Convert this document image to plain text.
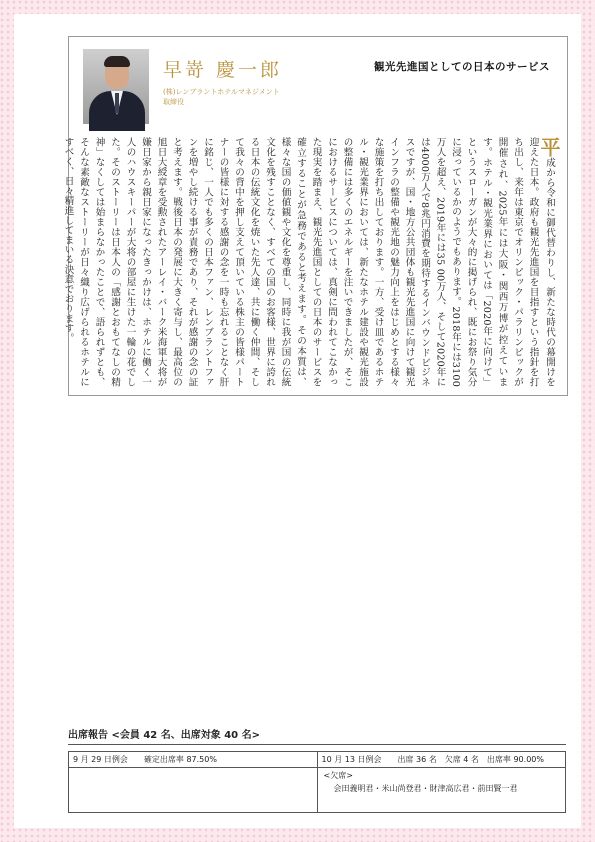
早嵜 慶一郎
(株)レンブラントホテルマネジメント
取締役
観光先進国としての日本のサービス
平成から令和に御代替わりし、新たな時代の幕開けを迎えた日本。政府も観光先進国を目指すという指針を打ち出し、来年は東京でオリンピック・パラリンピックが開催され、2025年には大阪・関西万博が控えています。ホテル・観光業界においては「2020年に向けて」というスローガンが大々的に掲げられ、既にお祭り気分に浸っているかのようでもあります。2018年には3100万人を超え、2019年には35 00万人、そして2020年には4000万人で8兆円消費を期待するインバウンドビジネスですが、国・地方公共団体も観光先進国に向けて観光インフラの整備や観光地の魅力向上をはじめとする様々な施策を打ち出しております。一方、受け皿であるホテル・観光業界においては、新たなホテル建設や観光施設の整備には多くのエネルギーを注いできましたが、そこにおけるサービスについては、真剣に問われてこなかった現実を踏まえ、観光先進国としての日本のサービスを確立することが急務であると考えます。その本質は、様々な国の価値観や文化を尊重し、同時に我が国の伝統文化を残すことなく、すべての国のお客様、世界に誇れる日本の伝統文化を焼いた先人達、共に働く仲間、そして我々の背中を押し支えて頂いている株主の皆様パートナーの皆様に対する感謝の念を一時も忘れることなく肝に銘じ、一人でも多くの日本ファン、レンブラントファンを増やし続ける事が責務であり、それが感謝の念の証と考えます。戦後日本の発展に大きく寄与し、最高位の旭日大綬章を受勲されたアーレイ・バーク米海軍大将が嫌日家から親日家になったきっかけは、ホテルに働く一人のハウスキーパーが大将の部屋に生けた一輪の花でした。そのストーリーは日本人の「感謝とおもてなしの精神」なくしては始まらなかったことで、語られずとも、そんな素敵なストーリーが日々織り広げられるホテルにすべく、日々精進してまいる決意でおります。
出席報告 <会員 42 名、出席対象 40 名>
9 月 29 日例会　　確定出席率 87.50%	10 月 13 日例会　　出席 36 名　欠席 4 名　出席率 90.00%
<欠席>
会田義明君・米山尚登君・財津高広君・前田賢一君
